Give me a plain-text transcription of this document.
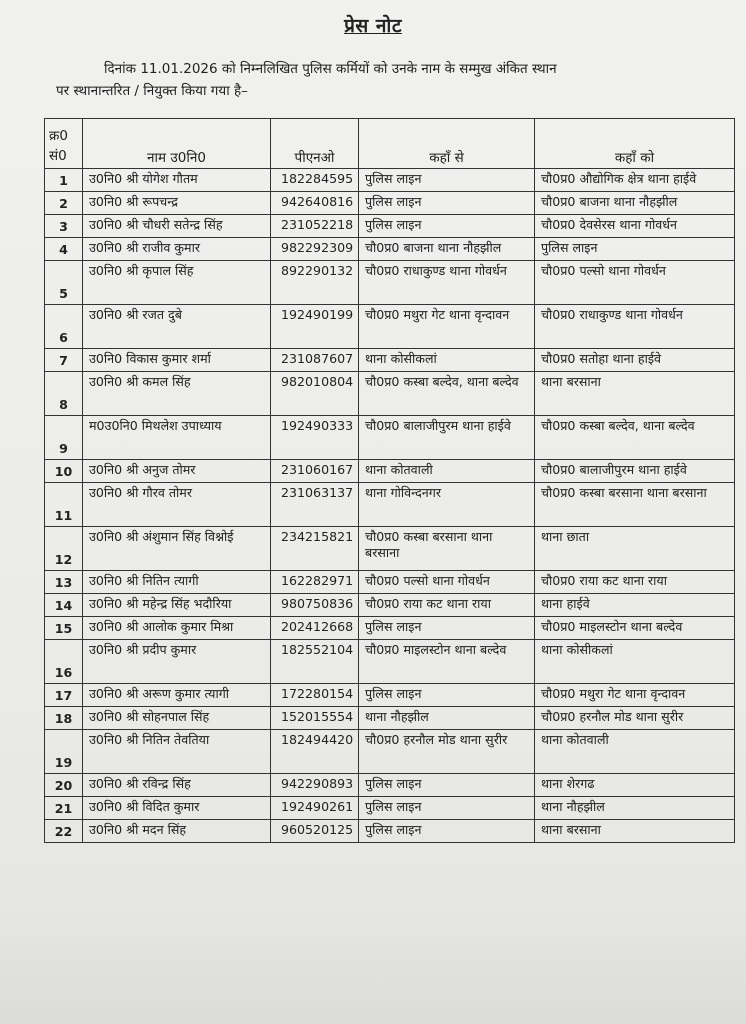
प्रेस नोट
दिनांक 11.01.2026 को निम्नलिखित पुलिस कर्मियों को उनके नाम के सम्मुख अंकित स्थान
पर स्थानान्तरित / नियुक्त किया गया है–
क्र0
सं0	नाम उ0नि0	पीएनओ	कहाँ से	कहाँ को
1	उ0नि0 श्री योगेश गौतम	182284595	पुलिस लाइन	चौ0प्र0 औद्योगिक क्षेत्र थाना हाईवे
2	उ0नि0 श्री रूपचन्द्र	942640816	पुलिस लाइन	चौ0प्र0 बाजना थाना नौहझील
3	उ0नि0 श्री चौधरी सतेन्द्र सिंह	231052218	पुलिस लाइन	चौ0प्र0 देवसेरस थाना गोवर्धन
4	उ0नि0 श्री राजीव कुमार	982292309	चौ0प्र0 बाजना थाना नौहझील	पुलिस लाइन
5	उ0नि0 श्री कृपाल सिंह	892290132	चौ0प्र0 राधाकुण्ड थाना गोवर्धन	चौ0प्र0 पल्सो थाना गोवर्धन
6	उ0नि0 श्री रजत दुबे	192490199	चौ0प्र0 मथुरा गेट थाना वृन्दावन	चौ0प्र0 राधाकुण्ड थाना गोवर्धन
7	उ0नि0 विकास कुमार शर्मा	231087607	थाना कोसीकलां	चौ0प्र0 सतोहा थाना हाईवे
8	उ0नि0 श्री कमल सिंह	982010804	चौ0प्र0 कस्बा बल्देव, थाना बल्देव	थाना बरसाना
9	म0उ0नि0 मिथलेश उपाध्याय	192490333	चौ0प्र0 बालाजीपुरम थाना हाईवे	चौ0प्र0 कस्बा बल्देव, थाना बल्देव
10	उ0नि0 श्री अनुज तोमर	231060167	थाना कोतवाली	चौ0प्र0 बालाजीपुरम थाना हाईवे
11	उ0नि0 श्री गौरव तोमर	231063137	थाना गोविन्दनगर	चौ0प्र0 कस्बा बरसाना थाना बरसाना
12	उ0नि0 श्री अंशुमान सिंह विश्नोई	234215821	चौ0प्र0 कस्बा बरसाना थाना बरसाना	थाना छाता
13	उ0नि0 श्री नितिन त्यागी	162282971	चौ0प्र0 पल्सो थाना गोवर्धन	चौ0प्र0 राया कट थाना राया
14	उ0नि0 श्री महेन्द्र सिंह भदौरिया	980750836	चौ0प्र0 राया कट थाना राया	थाना हाईवे
15	उ0नि0 श्री आलोक कुमार मिश्रा	202412668	पुलिस लाइन	चौ0प्र0 माइलस्टोन थाना बल्देव
16	उ0नि0 श्री प्रदीप कुमार	182552104	चौ0प्र0 माइलस्टोन थाना बल्देव	थाना कोसीकलां
17	उ0नि0 श्री अरूण कुमार त्यागी	172280154	पुलिस लाइन	चौ0प्र0 मथुरा गेट थाना वृन्दावन
18	उ0नि0 श्री सोहनपाल सिंह	152015554	थाना नौहझील	चौ0प्र0 हरनौल मोड थाना सुरीर
19	उ0नि0 श्री नितिन तेवतिया	182494420	चौ0प्र0 हरनौल मोड थाना सुरीर	थाना कोतवाली
20	उ0नि0 श्री रविन्द्र सिंह	942290893	पुलिस लाइन	थाना शेरगढ
21	उ0नि0 श्री विदित कुमार	192490261	पुलिस लाइन	थाना नौहझील
22	उ0नि0 श्री मदन सिंह	960520125	पुलिस लाइन	थाना बरसाना
